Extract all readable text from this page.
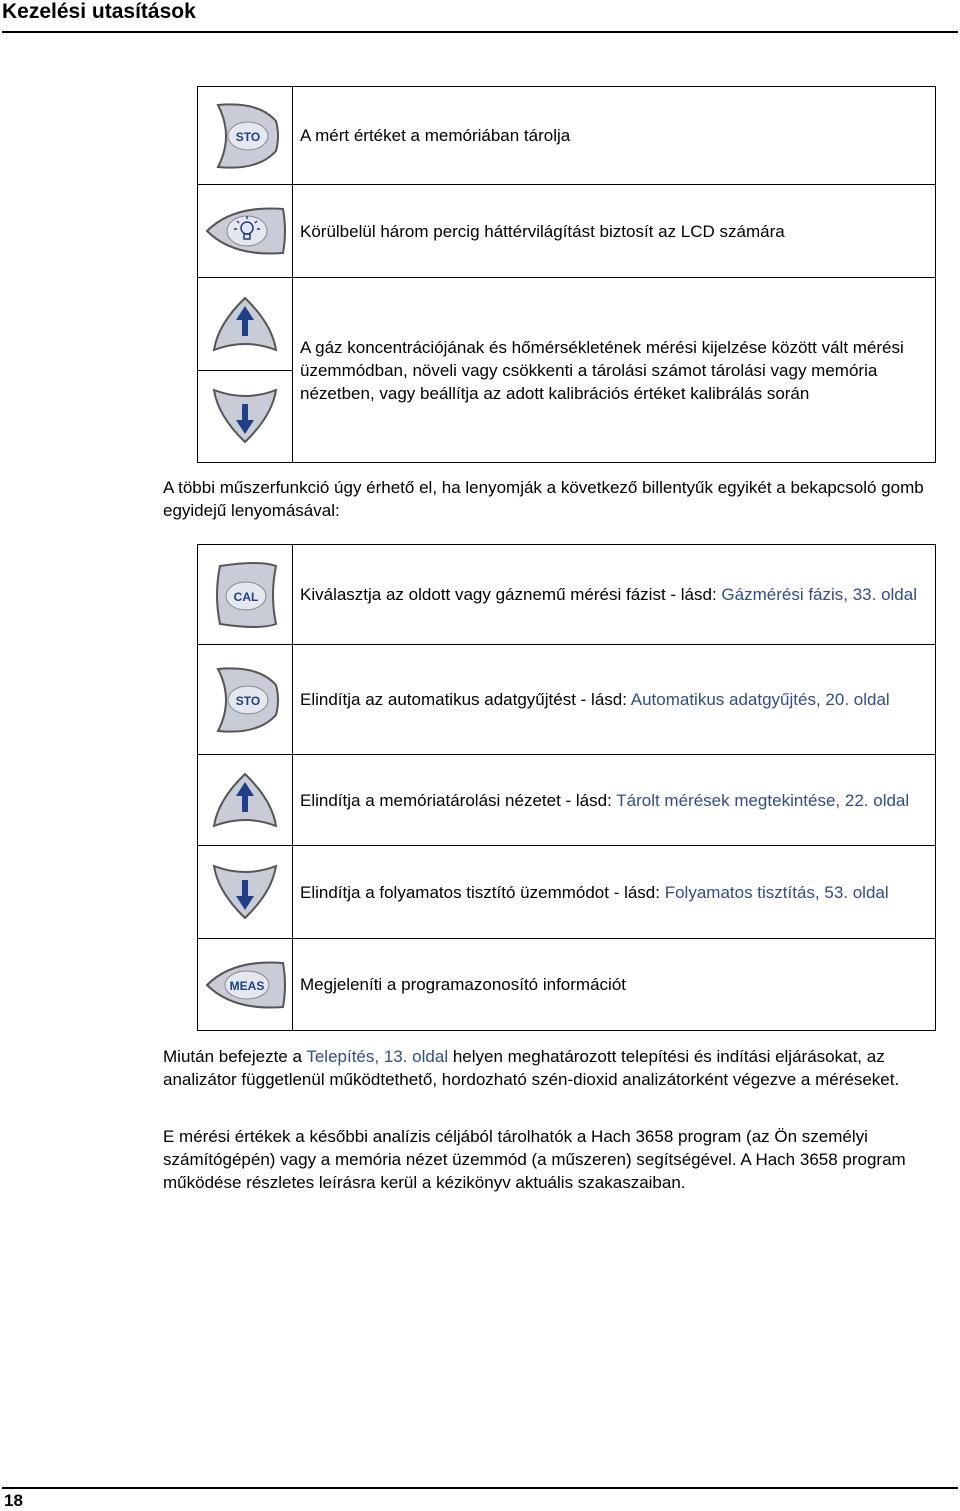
Kezelési utasítások
STO	A mért értéket a memóriában tárolja

	Körülbelül három percig háttérvilágítást biztosít az LCD számára

	A gáz koncentrációjának és hőmérsékletének mérési kijelzése között vált mérési üzemmódban, növeli vagy csökkenti a tárolási számot tárolási vagy memória nézetben, vagy beállítja az adott kalibrációs értéket kalibrálás során
A többi műszerfunkció úgy érhető el, ha lenyomják a következő billentyűk egyikét a bekapcsoló gomb egyidejű lenyomásával:
CAL	Kiválasztja az oldott vagy gáznemű mérési fázist - lásd: Gázmérési fázis, 33. oldal

STO	Elindítja az automatikus adatgyűjtést - lásd: Automatikus adatgyűjtés, 20. oldal

	Elindítja a memóriatárolási nézetet - lásd: Tárolt mérések megtekintése, 22. oldal

	Elindítja a folyamatos tisztító üzemmódot - lásd: Folyamatos tisztítás, 53. oldal

MEAS	Megjeleníti a programazonosító információt
Miután befejezte a Telepítés, 13. oldal helyen meghatározott telepítési és indítási eljárásokat, az analizátor függetlenül működtethető, hordozható szén-dioxid analizátorként végezve a méréseket.
E mérési értékek a későbbi analízis céljából tárolhatók a Hach 3658 program (az Ön személyi számítógépén) vagy a memória nézet üzemmód (a műszeren) segítségével. A Hach 3658 program működése részletes leírásra kerül a kézikönyv aktuális szakaszaiban.
18
